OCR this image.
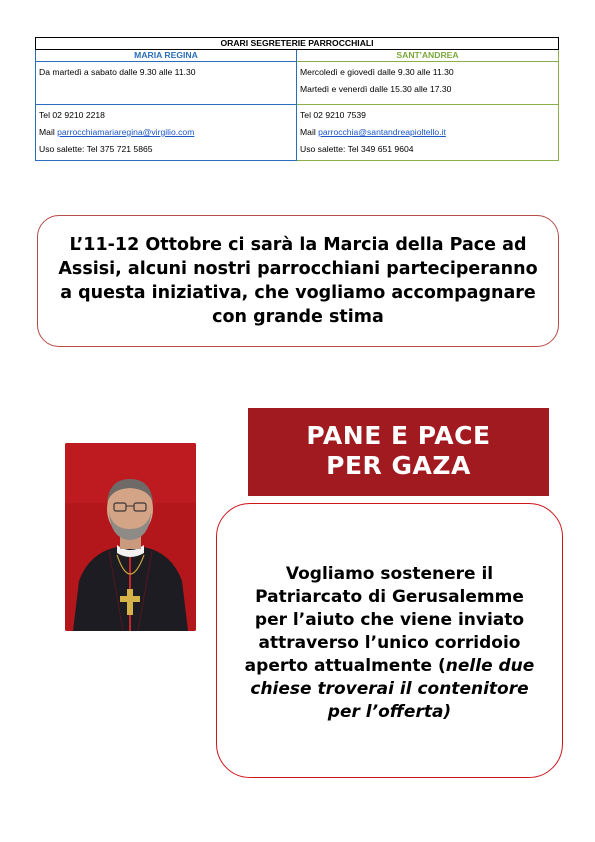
ORARI SEGRETERIE PARROCCHIALI
MARIA REGINA
Da martedì a sabato dalle 9.30 alle 11.30
Tel 02 9210 2218
Mail parrocchiamariaregina@virgilio.com
Uso salette: Tel 375 721 5865
SANT'ANDREA
Mercoledì e giovedì dalle 9.30 alle 11.30
Martedì e venerdì dalle 15.30 alle 17.30
Tel 02 9210 7539
Mail parrocchia@santandreapioltello.it
Uso salette: Tel 349 651 9604
L’11-12 Ottobre ci sarà la Marcia della Pace ad Assisi, alcuni nostri parrocchiani parteciperanno a questa iniziativa, che vogliamo accompagnare con grande stima
PANE E PACE
PER GAZA
Vogliamo sostenere il Patriarcato di Gerusalemme per l’aiuto che viene inviato attraverso l’unico corridoio aperto attualmente (nelle due chiese troverai il contenitore per l’offerta)
